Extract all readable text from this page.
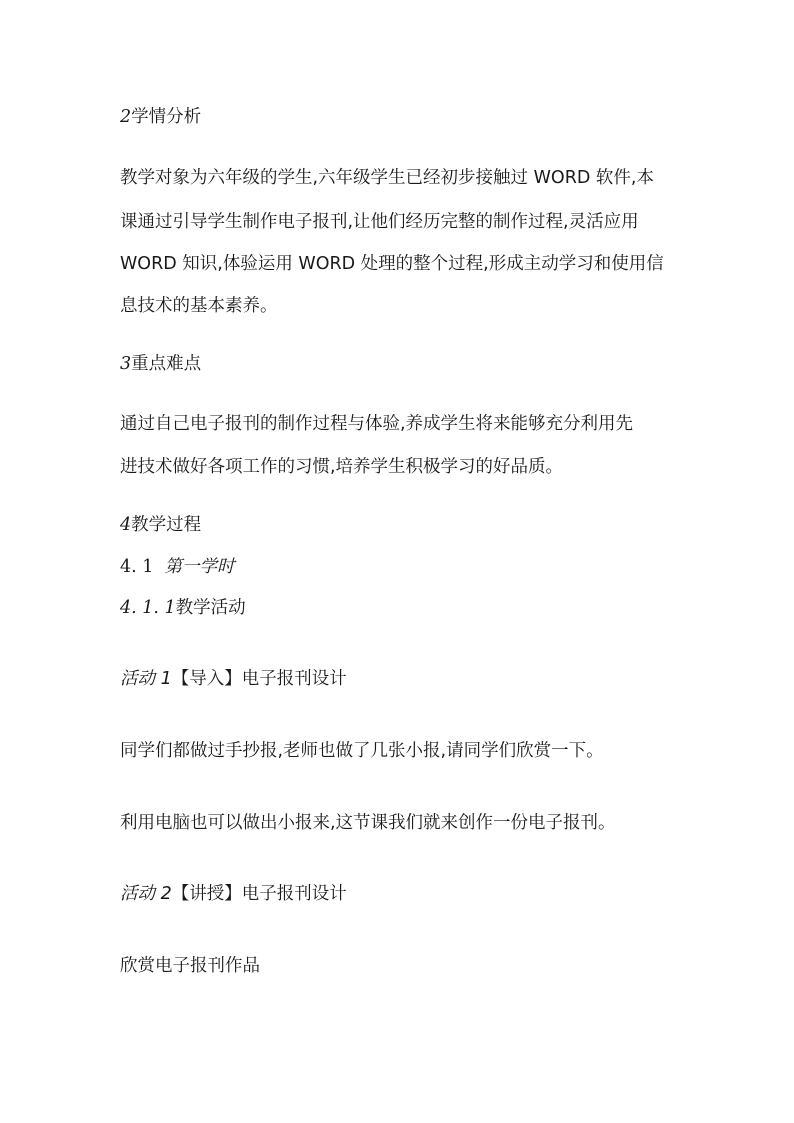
2学情分析
教学对象为六年级的学生,六年级学生已经初步接触过 WORD 软件,本
课通过引导学生制作电子报刊,让他们经历完整的制作过程,灵活应用
WORD 知识,体验运用 WORD 处理的整个过程,形成主动学习和使用信
息技术的基本素养。
3重点难点
通过自己电子报刊的制作过程与体验,养成学生将来能够充分利用先
进技术做好各项工作的习惯,培养学生积极学习的好品质。
4教学过程
4. 1 第一学时
4. 1. 1教学活动
活动 1【导入】电子报刊设计
同学们都做过手抄报,老师也做了几张小报,请同学们欣赏一下。
利用电脑也可以做出小报来,这节课我们就来创作一份电子报刊。
活动 2【讲授】电子报刊设计
欣赏电子报刊作品
